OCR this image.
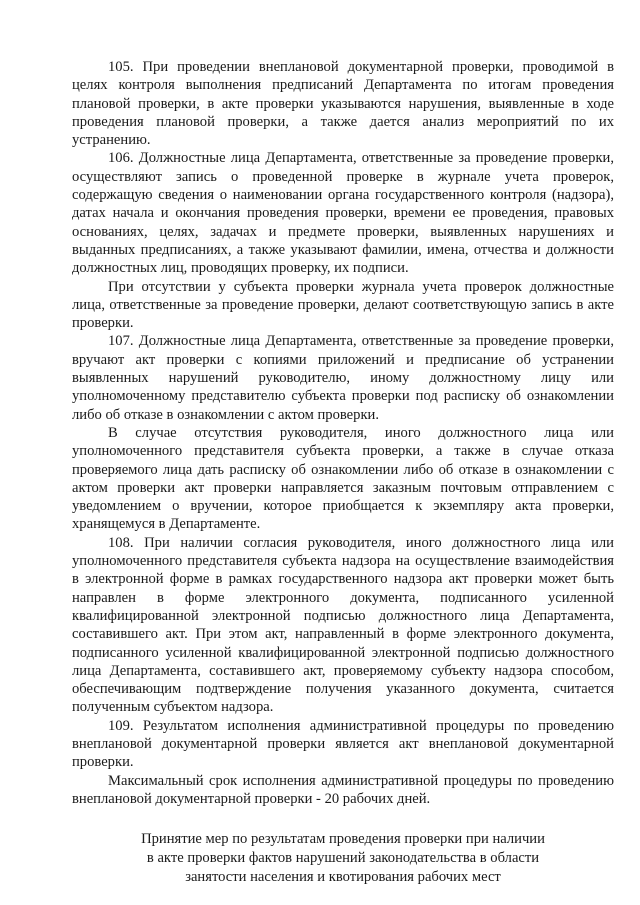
105. При проведении внеплановой документарной проверки, проводимой в целях контроля выполнения предписаний Департамента по итогам проведения плановой проверки, в акте проверки указываются нарушения, выявленные в ходе проведения плановой проверки, а также дается анализ мероприятий по их устранению.

106. Должностные лица Департамента, ответственные за проведение проверки, осуществляют запись о проведенной проверке в журнале учета проверок, содержащую сведения о наименовании органа государственного контроля (надзора), датах начала и окончания проведения проверки, времени ее проведения, правовых основаниях, целях, задачах и предмете проверки, выявленных нарушениях и выданных предписаниях, а также указывают фамилии, имена, отчества и должности должностных лиц, проводящих проверку, их подписи.

При отсутствии у субъекта проверки журнала учета проверок должностные лица, ответственные за проведение проверки, делают соответствующую запись в акте проверки.

107. Должностные лица Департамента, ответственные за проведение проверки, вручают акт проверки с копиями приложений и предписание об устранении выявленных нарушений руководителю, иному должностному лицу или уполномоченному представителю субъекта проверки под расписку об ознакомлении либо об отказе в ознакомлении с актом проверки.

В случае отсутствия руководителя, иного должностного лица или уполномоченного представителя субъекта проверки, а также в случае отказа проверяемого лица дать расписку об ознакомлении либо об отказе в ознакомлении с актом проверки акт проверки направляется заказным почтовым отправлением с уведомлением о вручении, которое приобщается к экземпляру акта проверки, хранящемуся в Департаменте.

108. При наличии согласия руководителя, иного должностного лица или уполномоченного представителя субъекта надзора на осуществление взаимодействия в электронной форме в рамках государственного надзора акт проверки может быть направлен в форме электронного документа, подписанного усиленной квалифицированной электронной подписью должностного лица Департамента, составившего акт. При этом акт, направленный в форме электронного документа, подписанного усиленной квалифицированной электронной подписью должностного лица Департамента, составившего акт, проверяемому субъекту надзора способом, обеспечивающим подтверждение получения указанного документа, считается полученным субъектом надзора.

109. Результатом исполнения административной процедуры по проведению внеплановой документарной проверки является акт внеплановой документарной проверки.

Максимальный срок исполнения административной процедуры по проведению внеплановой документарной проверки - 20 рабочих дней.

Принятие мер по результатам проведения проверки при наличии
в акте проверки фактов нарушений законодательства в области
занятости населения и квотирования рабочих мест
